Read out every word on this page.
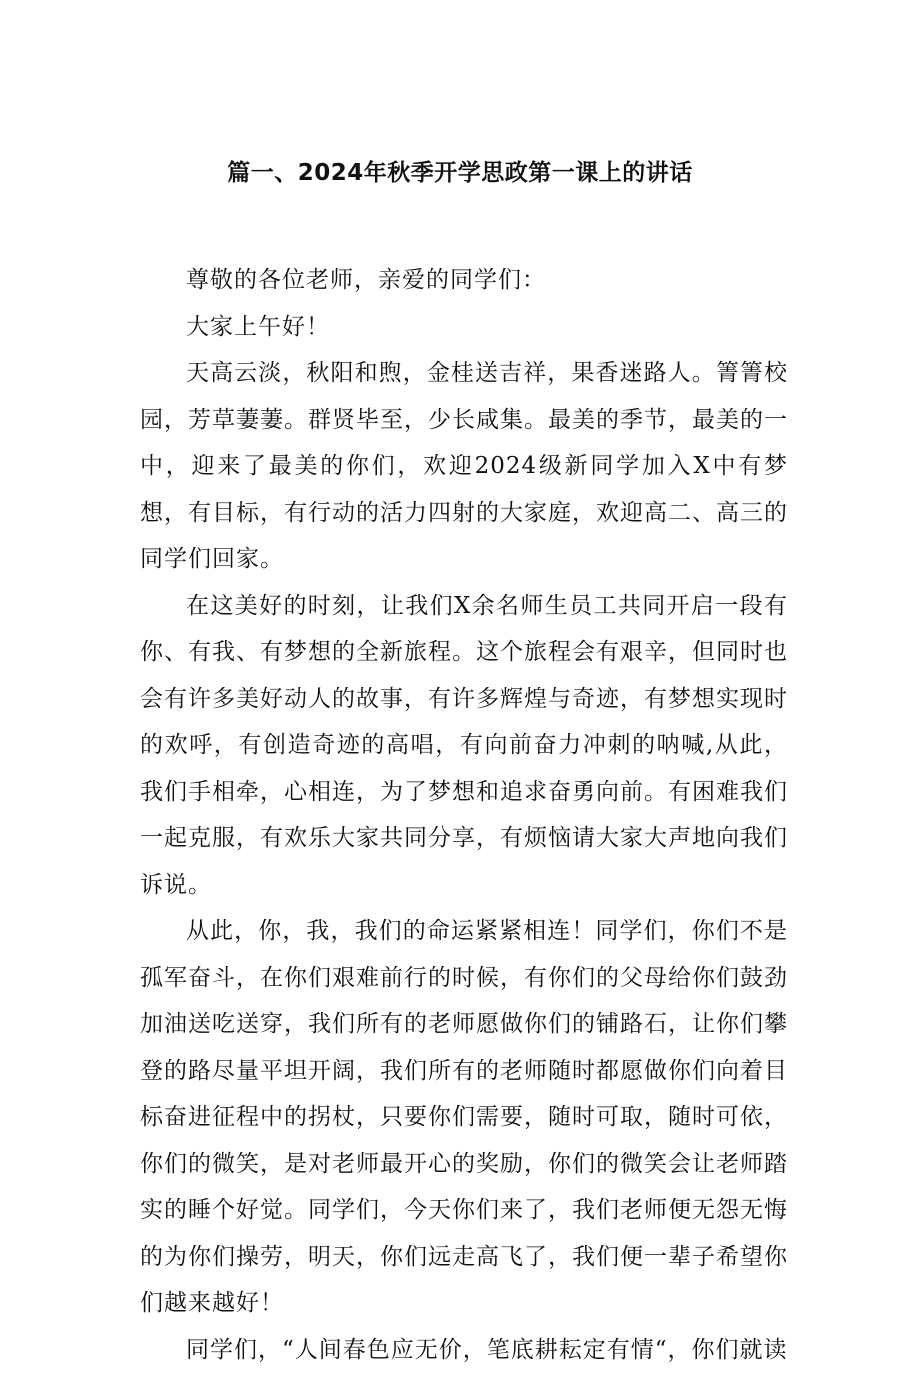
篇一、2024年秋季开学思政第一课上的讲话

尊敬的各位老师，亲爱的同学们：

大家上午好！

天高云淡，秋阳和煦，金桂送吉祥，果香迷路人。箐箐校园，芳草萋萋。群贤毕至，少长咸集。最美的季节，最美的一中，迎来了最美的你们，欢迎2024级新同学加入X中有梦想，有目标，有行动的活力四射的大家庭，欢迎高二、高三的同学们回家。

在这美好的时刻，让我们X余名师生员工共同开启一段有你、有我、有梦想的全新旅程。这个旅程会有艰辛，但同时也会有许多美好动人的故事，有许多辉煌与奇迹，有梦想实现时的欢呼，有创造奇迹的高唱，有向前奋力冲刺的呐喊,从此，我们手相牵，心相连，为了梦想和追求奋勇向前。有困难我们一起克服，有欢乐大家共同分享，有烦恼请大家大声地向我们诉说。

从此，你，我，我们的命运紧紧相连！同学们，你们不是孤军奋斗，在你们艰难前行的时候，有你们的父母给你们鼓劲加油送吃送穿，我们所有的老师愿做你们的铺路石，让你们攀登的路尽量平坦开阔，我们所有的老师随时都愿做你们向着目标奋进征程中的拐杖，只要你们需要，随时可取，随时可依，你们的微笑，是对老师最开心的奖励，你们的微笑会让老师踏实的睡个好觉。同学们，今天你们来了，我们老师便无怨无悔的为你们操劳，明天，你们远走高飞了，我们便一辈子希望你们越来越好！

同学们，“人间春色应无价，笔底耕耘定有情“，你们就读
